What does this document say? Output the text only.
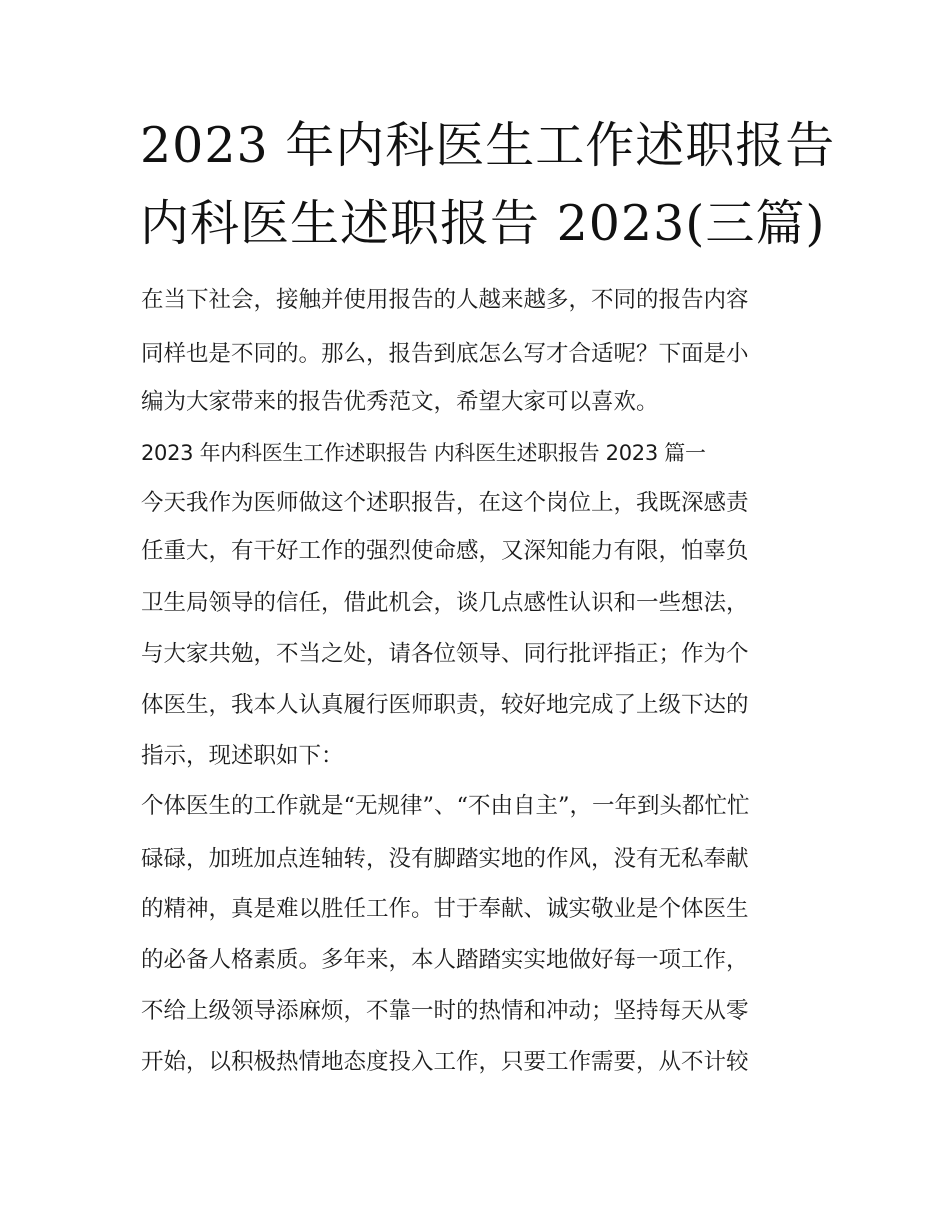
2023 年内科医生工作述职报告
内科医生述职报告 2023(三篇)
在当下社会，接触并使用报告的人越来越多，不同的报告内容
同样也是不同的。那么，报告到底怎么写才合适呢？下面是小
编为大家带来的报告优秀范文，希望大家可以喜欢。
2023 年内科医生工作述职报告 内科医生述职报告 2023 篇一
今天我作为医师做这个述职报告，在这个岗位上，我既深感责
任重大，有干好工作的强烈使命感，又深知能力有限，怕辜负
卫生局领导的信任，借此机会，谈几点感性认识和一些想法，
与大家共勉，不当之处，请各位领导、同行批评指正；作为个
体医生，我本人认真履行医师职责，较好地完成了上级下达的
指示，现述职如下：
个体医生的工作就是“无规律”、“不由自主”，一年到头都忙忙
碌碌，加班加点连轴转，没有脚踏实地的作风，没有无私奉献
的精神，真是难以胜任工作。甘于奉献、诚实敬业是个体医生
的必备人格素质。多年来，本人踏踏实实地做好每一项工作，
不给上级领导添麻烦，不靠一时的热情和冲动；坚持每天从零
开始，以积极热情地态度投入工作，只要工作需要，从不计较
